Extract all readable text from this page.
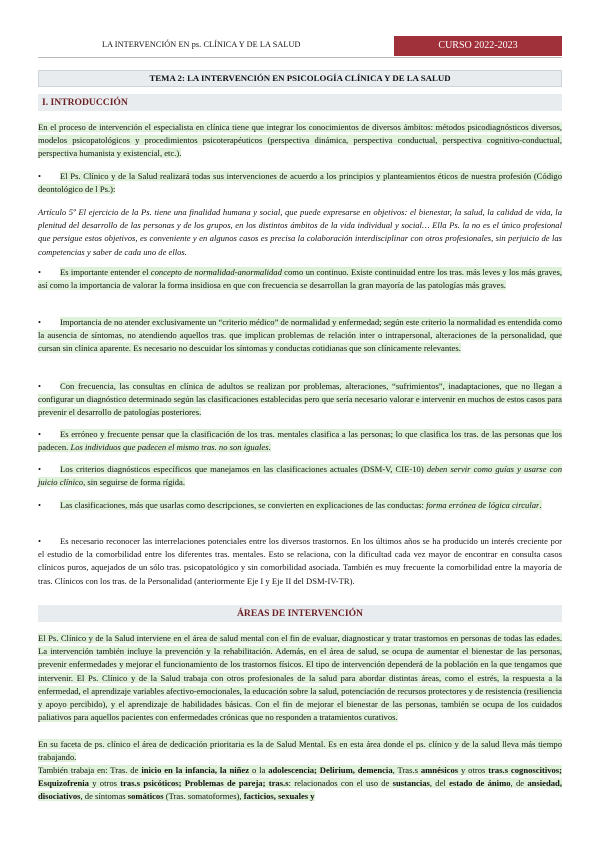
LA INTERVENCIÓN EN ps. CLÍNICA Y DE LA SALUD	CURSO 2022-2023
TEMA 2: LA INTERVENCIÓN EN PSICOLOGÍA CLÍNICA Y DE LA SALUD
I. INTRODUCCIÓN
En el proceso de intervención el especialista en clínica tiene que integrar los conocimientos de diversos ámbitos: métodos psicodiagnósticos diversos, modelos psicopatológicos y procedimientos psicoterapéuticos (perspectiva dinámica, perspectiva conductual, perspectiva cognitivo-conductual, perspectiva humanista y existencial, etc.).
• El Ps. Clínico y de la Salud realizará todas sus intervenciones de acuerdo a los principios y planteamientos éticos de nuestra profesión (Código deontológico de l Ps.):
Artículo 5º El ejercicio de la Ps. tiene una finalidad humana y social, que puede expresarse en objetivos: el bienestar, la salud, la calidad de vida, la plenitud del desarrollo de las personas y de los grupos, en los distintos ámbitos de la vida individual y social… Ella Ps. la no es el único profesional que persigue estos objetivos, es conveniente y en algunos casos es precisa la colaboración interdisciplinar con otros profesionales, sin perjuicio de las competencias y saber de cada uno de ellos.
• Es importante entender el concepto de normalidad-anormalidad como un continuo. Existe continuidad entre los tras. más leves y los más graves, así como la importancia de valorar la forma insidiosa en que con frecuencia se desarrollan la gran mayoría de las patologías más graves.
• Importancia de no atender exclusivamente un “criterio médico” de normalidad y enfermedad; según este criterio la normalidad es entendida como la ausencia de síntomas, no atendiendo aquellos tras. que implican problemas de relación inter o intrapersonal, alteraciones de la personalidad, que cursan sin clínica aparente. Es necesario no descuidar los síntomas y conductas cotidianas que son clínicamente relevantes.
• Con frecuencia, las consultas en clínica de adultos se realizan por problemas, alteraciones, “sufrimientos”, inadaptaciones, que no llegan a configurar un diagnóstico determinado según las clasificaciones establecidas pero que sería necesario valorar e intervenir en muchos de estos casos para prevenir el desarrollo de patologías posteriores.
• Es erróneo y frecuente pensar que la clasificación de los tras. mentales clasifica a las personas; lo que clasifica los tras. de las personas que los padecen. Los individuos que padecen el mismo tras. no son iguales.
• Los criterios diagnósticos específicos que manejamos en las clasificaciones actuales (DSM-V, CIE-10) deben servir como guías y usarse con juicio clínico, sin seguirse de forma rígida.
• Las clasificaciones, más que usarlas como descripciones, se convierten en explicaciones de las conductas: forma errónea de lógica circular.
• Es necesario reconocer las interrelaciones potenciales entre los diversos trastornos. En los últimos años se ha producido un interés creciente por el estudio de la comorbilidad entre los diferentes tras. mentales. Esto se relaciona, con la dificultad cada vez mayor de encontrar en consulta casos clínicos puros, aquejados de un sólo tras. psicopatológico y sin comorbilidad asociada. También es muy frecuente la comorbilidad entre la mayoría de tras. Clínicos con los tras. de la Personalidad (anteriormente Eje I y Eje II del DSM-IV-TR).
ÁREAS DE INTERVENCIÓN
El Ps. Clínico y de la Salud interviene en el área de salud mental con el fin de evaluar, diagnosticar y tratar trastornos en personas de todas las edades. La intervención también incluye la prevención y la rehabilitación. Además, en el área de salud, se ocupa de aumentar el bienestar de las personas, prevenir enfermedades y mejorar el funcionamiento de los trastornos físicos. El tipo de intervención dependerá de la población en la que tengamos que intervenir. El Ps. Clínico y de la Salud trabaja con otros profesionales de la salud para abordar distintas áreas, como el estrés, la respuesta a la enfermedad, el aprendizaje variables afectivo-emocionales, la educación sobre la salud, potenciación de recursos protectores y de resistencia (resiliencia y apoyo percibido), y el aprendizaje de habilidades básicas. Con el fin de mejorar el bienestar de las personas, también se ocupa de los cuidados paliativos para aquellos pacientes con enfermedades crónicas que no responden a tratamientos curativos.
En su faceta de ps. clínico el área de dedicación prioritaria es la de Salud Mental. Es en esta área donde el ps. clínico y de la salud lleva más tiempo trabajando.
También trabaja en: Tras. de inicio en la infancia, la niñez o la adolescencia; Delirium, demencia, Tras.s amnésicos y otros tras.s cognoscitivos; Esquizofrenia y otros tras.s psicóticos; Problemas de pareja; tras.s: relacionados con el uso de sustancias, del estado de ánimo, de ansiedad, disociativos, de síntomas somáticos (Tras. somatoformes), facticios, sexuales y
